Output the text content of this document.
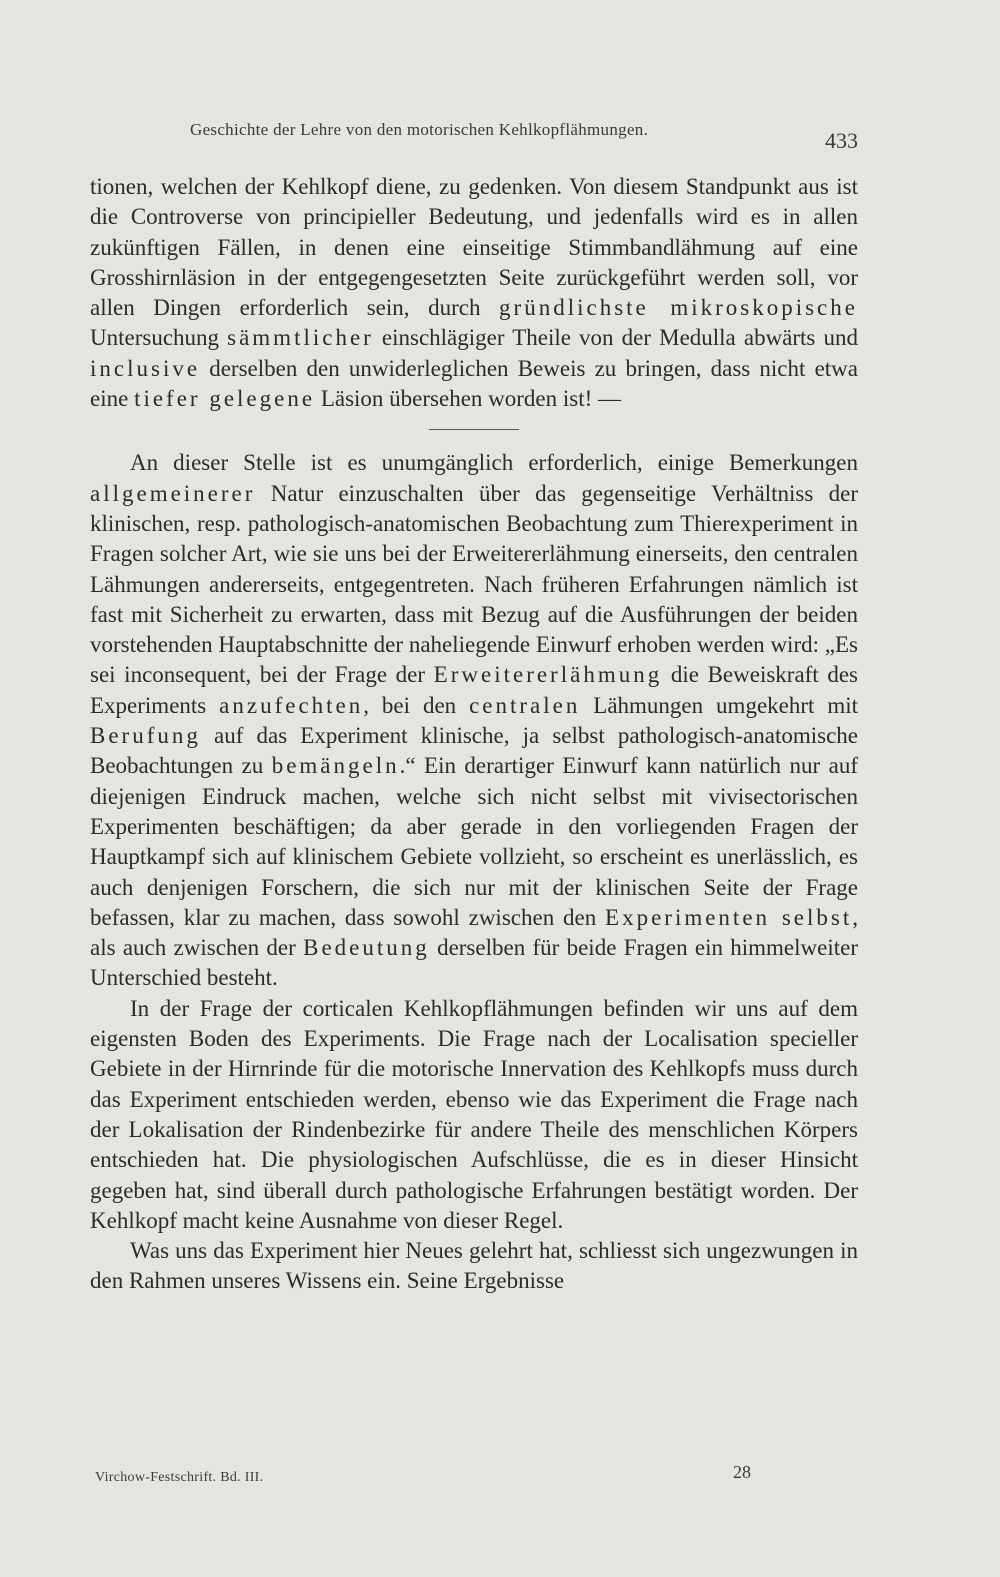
Geschichte der Lehre von den motorischen Kehlkopflähmungen.	433

tionen, welchen der Kehlkopf diene, zu gedenken. Von diesem Standpunkt aus ist die Controverse von principieller Bedeutung, und jedenfalls wird es in allen zukünftigen Fällen, in denen eine einseitige Stimmbandlähmung auf eine Grosshirnläsion in der entgegengesetzten Seite zurückgeführt werden soll, vor allen Dingen erforderlich sein, durch gründlichste mikroskopische Untersuchung sämmtlicher einschlägiger Theile von der Medulla abwärts und inclusive derselben den unwiderleglichen Beweis zu bringen, dass nicht etwa eine tiefer gelegene Läsion übersehen worden ist! —

An dieser Stelle ist es unumgänglich erforderlich, einige Bemerkungen allgemeinerer Natur einzuschalten über das gegenseitige Verhältniss der klinischen, resp. pathologisch-anatomischen Beobachtung zum Thierexperiment in Fragen solcher Art, wie sie uns bei der Erweitererlähmung einerseits, den centralen Lähmungen andererseits, entgegentreten. Nach früheren Erfahrungen nämlich ist fast mit Sicherheit zu erwarten, dass mit Bezug auf die Ausführungen der beiden vorstehenden Hauptabschnitte der naheliegende Einwurf erhoben werden wird: „Es sei inconsequent, bei der Frage der Erweitererlähmung die Beweiskraft des Experiments anzufechten, bei den centralen Lähmungen umgekehrt mit Berufung auf das Experiment klinische, ja selbst pathologisch-anatomische Beobachtungen zu bemängeln.“ Ein derartiger Einwurf kann natürlich nur auf diejenigen Eindruck machen, welche sich nicht selbst mit vivisectorischen Experimenten beschäftigen; da aber gerade in den vorliegenden Fragen der Hauptkampf sich auf klinischem Gebiete vollzieht, so erscheint es unerlässlich, es auch denjenigen Forschern, die sich nur mit der klinischen Seite der Frage befassen, klar zu machen, dass sowohl zwischen den Experimenten selbst, als auch zwischen der Bedeutung derselben für beide Fragen ein himmelweiter Unterschied besteht.

In der Frage der corticalen Kehlkopflähmungen befinden wir uns auf dem eigensten Boden des Experiments. Die Frage nach der Localisation specieller Gebiete in der Hirnrinde für die motorische Innervation des Kehlkopfs muss durch das Experiment entschieden werden, ebenso wie das Experiment die Frage nach der Lokalisation der Rindenbezirke für andere Theile des menschlichen Körpers entschieden hat. Die physiologischen Aufschlüsse, die es in dieser Hinsicht gegeben hat, sind überall durch pathologische Erfahrungen bestätigt worden. Der Kehlkopf macht keine Ausnahme von dieser Regel.

Was uns das Experiment hier Neues gelehrt hat, schliesst sich ungezwungen in den Rahmen unseres Wissens ein. Seine Ergebnisse

Virchow-Festschrift. Bd. III.	28
